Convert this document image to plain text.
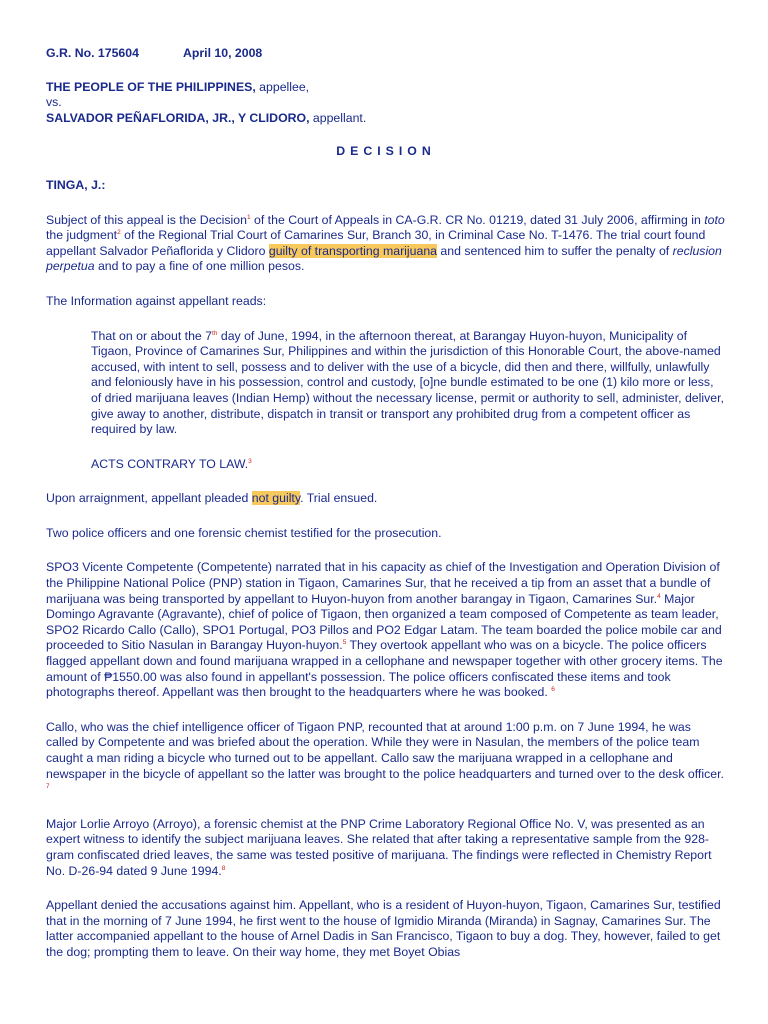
G.R. No. 175604	April 10, 2008

THE PEOPLE OF THE PHILIPPINES, appellee,

vs.

SALVADOR PEÑAFLORIDA, JR., Y CLIDORO, appellant.

DECISION

TINGA, J.:

Subject of this appeal is the Decision$^1$ of the Court of Appeals in CA-G.R. CR No. 01219, dated 31 July 2006, affirming in toto the judgment$^2$ of the Regional Trial Court of Camarines Sur, Branch 30, in Criminal Case No. T-1476. The trial court found appellant Salvador Peñaflorida y Clidoro guilty of transporting marijuana and sentenced him to suffer the penalty of reclusion perpetua and to pay a fine of one million pesos.

The Information against appellant reads:

That on or about the 7th day of June, 1994, in the afternoon thereat, at Barangay Huyon-huyon, Municipality of Tigaon, Province of Camarines Sur, Philippines and within the jurisdiction of this Honorable Court, the above-named accused, with intent to sell, possess and to deliver with the use of a bicycle, did then and there, willfully, unlawfully and feloniously have in his possession, control and custody, [o]ne bundle estimated to be one (1) kilo more or less, of dried marijuana leaves (Indian Hemp) without the necessary license, permit or authority to sell, administer, deliver, give away to another, distribute, dispatch in transit or transport any prohibited drug from a competent officer as required by law.

ACTS CONTRARY TO LAW.$^3$

Upon arraignment, appellant pleaded not guilty. Trial ensued.

Two police officers and one forensic chemist testified for the prosecution.

SPO3 Vicente Competente (Competente) narrated that in his capacity as chief of the Investigation and Operation Division of the Philippine National Police (PNP) station in Tigaon, Camarines Sur, that he received a tip from an asset that a bundle of marijuana was being transported by appellant to Huyon-huyon from another barangay in Tigaon, Camarines Sur.$^4$ Major Domingo Agravante (Agravante), chief of police of Tigaon, then organized a team composed of Competente as team leader, SPO2 Ricardo Callo (Callo), SPO1 Portugal, PO3 Pillos and PO2 Edgar Latam. The team boarded the police mobile car and proceeded to Sitio Nasulan in Barangay Huyon-huyon.$^5$ They overtook appellant who was on a bicycle. The police officers flagged appellant down and found marijuana wrapped in a cellophane and newspaper together with other grocery items. The amount of ₱1550.00 was also found in appellant's possession. The police officers confiscated these items and took photographs thereof. Appellant was then brought to the headquarters where he was booked. $^6$

Callo, who was the chief intelligence officer of Tigaon PNP, recounted that at around 1:00 p.m. on 7 June 1994, he was called by Competente and was briefed about the operation. While they were in Nasulan, the members of the police team caught a man riding a bicycle who turned out to be appellant. Callo saw the marijuana wrapped in a cellophane and newspaper in the bicycle of appellant so the latter was brought to the police headquarters and turned over to the desk officer. $^7$

Major Lorlie Arroyo (Arroyo), a forensic chemist at the PNP Crime Laboratory Regional Office No. V, was presented as an expert witness to identify the subject marijuana leaves. She related that after taking a representative sample from the 928-gram confiscated dried leaves, the same was tested positive of marijuana. The findings were reflected in Chemistry Report No. D-26-94 dated 9 June 1994.$^8$

Appellant denied the accusations against him. Appellant, who is a resident of Huyon-huyon, Tigaon, Camarines Sur, testified that in the morning of 7 June 1994, he first went to the house of Igmidio Miranda (Miranda) in Sagnay, Camarines Sur. The latter accompanied appellant to the house of Arnel Dadis in San Francisco, Tigaon to buy a dog. They, however, failed to get the dog; prompting them to leave. On their way home, they met Boyet Obias
